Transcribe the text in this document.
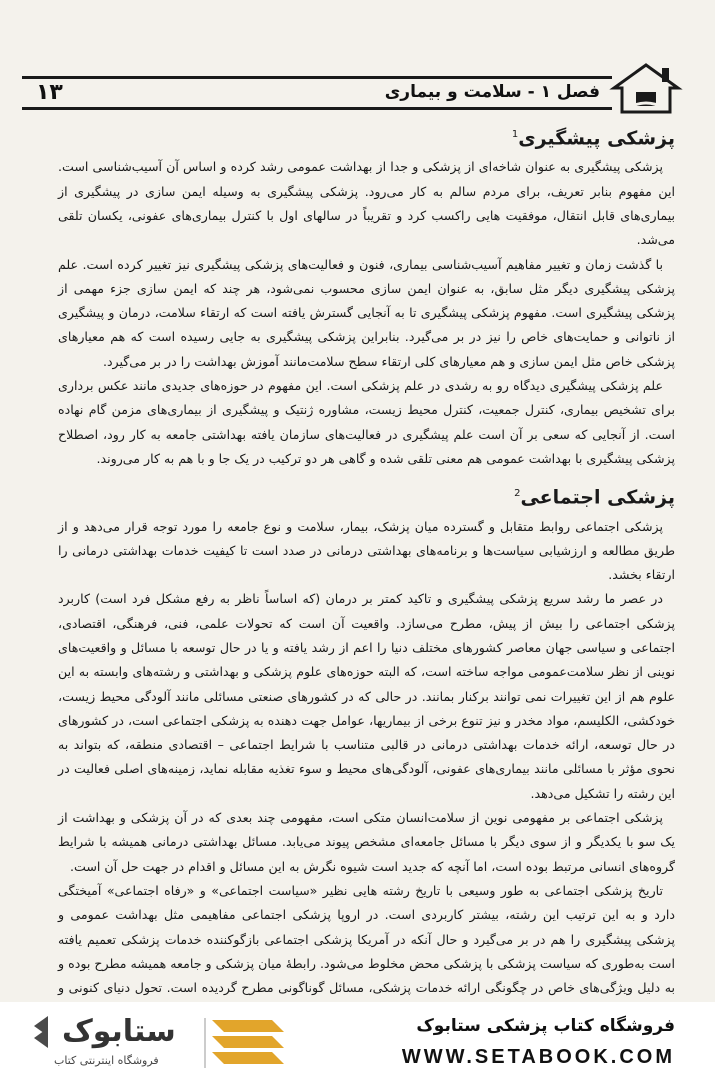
۱۳	فصل ۱ - سلامت و بیماری
پزشکی پیشگیری$^1$

پزشکی پیشگیری به عنوان شاخه‌ای از پزشکی و جدا از بهداشت عمومی رشد کرده و اساس آن آسیب‌شناسی است. این مفهوم بنابر تعریف، برای مردم سالم به کار می‌رود. پزشکی پیشگیری به وسیله ایمن سازی در پیشگیری از بیماری‌های قابل انتقال، موفقیت هایی راکسب کرد و تقریباً در سالهای اول با کنترل بیماری‌های عفونی، یکسان تلقی می‌شد.

با گذشت زمان و تغییر مفاهیم آسیب‌شناسی بیماری، فنون و فعالیت‌های پزشکی پیشگیری نیز تغییر کرده است. علم پزشکی پیشگیری دیگر مثل سابق، به عنوان ایمن سازی محسوب نمی‌شود، هر چند که ایمن سازی جزء مهمی از پزشکی پیشگیری است. مفهوم پزشکی پیشگیری تا به آنجایی گسترش یافته است که ارتقاء سلامت، درمان و پیشگیری از ناتوانی و حمایت‌های خاص را نیز در بر می‌گیرد. بنابراین پزشکی پیشگیری به جایی رسیده است که هم معیارهای پزشکی خاص مثل ایمن سازی و هم معیارهای کلی ارتقاء سطح سلامت‌مانند آموزش بهداشت را در بر می‌گیرد.

علم پزشکی پیشگیری دیدگاه رو به رشدی در علم پزشکی است. این مفهوم در حوزه‌های جدیدی مانند عکس برداری برای تشخیص بیماری، کنترل جمعیت، کنترل محیط زیست، مشاوره ژنتیک و پیشگیری از بیماری‌های مزمن گام نهاده است. از آنجایی که سعی بر آن است علم پیشگیری در فعالیت‌های سازمان یافته بهداشتی جامعه به کار رود، اصطلاح پزشکی پیشگیری با بهداشت عمومی هم معنی تلقی شده و گاهی هر دو ترکیب در یک جا و با هم به کار می‌روند.

پزشکی اجتماعی$^2$

پزشکی اجتماعی روابط متقابل و گسترده میان پزشک، بیمار، سلامت و نوع جامعه را مورد توجه قرار می‌دهد و از طریق مطالعه و ارزشیابی سیاست‌ها و برنامه‌های بهداشتی درمانی در صدد است تا کیفیت خدمات بهداشتی درمانی را ارتقاء بخشد.

در عصر ما رشد سریع پزشکی پیشگیری و تاکید کمتر بر درمان (که اساساً ناظر به رفع مشکل فرد است) کاربرد پزشکی اجتماعی را بیش از پیش، مطرح می‌سازد. واقعیت آن است که تحولات علمی، فنی، فرهنگی، اقتصادی، اجتماعی و سیاسی جهان معاصر کشورهای مختلف دنیا را اعم از رشد یافته و یا در حال توسعه با مسائل و واقعیت‌های نوینی از نظر سلامت‌عمومی مواجه ساخته است، که البته حوزه‌های علوم پزشکی و بهداشتی و رشته‌های وابسته به این علوم هم از این تغییرات نمی توانند برکنار بمانند. در حالی که در کشورهای صنعتی مسائلی مانند آلودگی محیط زیست، خودکشی، الکلیسم، مواد مخدر و نیز تنوع برخی از بیماریها، عوامل جهت دهنده به پزشکی اجتماعی است، در کشورهای در حال توسعه، ارائه خدمات بهداشتی درمانی در قالبی متناسب با شرایط اجتماعی – اقتصادی منطقه، که بتواند به نحوی مؤثر با مسائلی مانند بیماری‌های عفونی، آلودگی‌های محیط و سوء تغذیه مقابله نماید، زمینه‌های اصلی فعالیت در این رشته را تشکیل می‌دهد.

پزشکی اجتماعی بر مفهومی نوین از سلامت‌انسان متکی است، مفهومی چند بعدی که در آن پزشکی و بهداشت از یک سو با یکدیگر و از سوی دیگر با مسائل جامعه‌ای مشخص پیوند می‌یابد. مسائل بهداشتی درمانی همیشه با شرایط گروه‌های انسانی مرتبط بوده است، اما آنچه که جدید است شیوه نگرش به این مسائل و اقدام در جهت حل آن است.

تاریخ پزشکی اجتماعی به طور وسیعی با تاریخ رشته هایی نظیر «سیاست اجتماعی» و «رفاه اجتماعی» آمیختگی دارد و به این ترتیب این رشته، بیشتر کاربردی است. در اروپا پزشکی اجتماعی مفاهیمی مثل بهداشت عمومی و پزشکی پیشگیری را هم در بر می‌گیرد و حال آنکه در آمریکا پزشکی اجتماعی بازگوکننده خدمات پزشکی تعمیم یافته است به‌طوری که سیاست پزشکی با پزشکی محض مخلوط می‌شود. رابطهٔ میان پزشکی و جامعه همیشه مطرح بوده و به دلیل ویژگی‌های خاص در چگونگی ارائه خدمات پزشکی، مسائل گوناگونی مطرح گردیده است. تحول دنیای کنونی و

ستابوک
فروشگاه اینترنتی کتاب
فروشگاه کتاب پزشکی ستابوک
WWW.SETABOOK.COM
